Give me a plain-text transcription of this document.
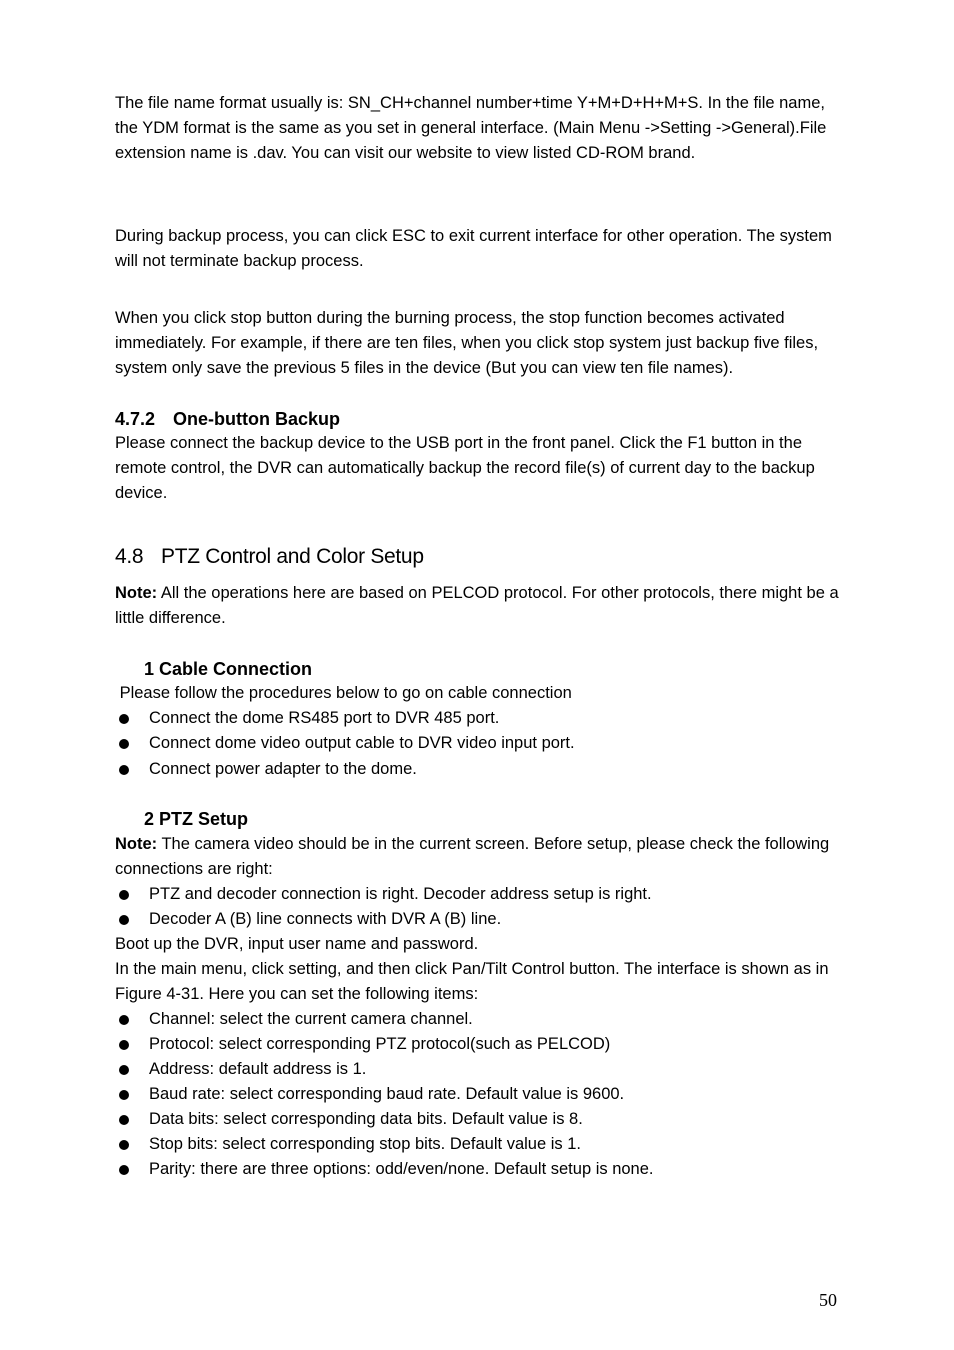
The file name format usually is: SN_CH+channel number+time Y+M+D+H+M+S. In the file name, the YDM format is the same as you set in general interface. (Main Menu ->Setting ->General).File extension name is .dav. You can visit our website to view listed CD-ROM brand.

During backup process, you can click ESC to exit current interface for other operation. The system will not terminate backup process.

When you click stop button during the burning process, the stop function becomes activated immediately. For example, if there are ten files, when you click stop system just backup five files, system only save the previous 5 files in the device (But you can view ten file names).

4.7.2 One-button Backup

Please connect the backup device to the USB port in the front panel. Click the F1 button in the remote control, the DVR can automatically backup the record file(s) of current day to the backup device.

4.8 PTZ Control and Color Setup

Note: All the operations here are based on PELCOD protocol. For other protocols, there might be a little difference.

1 Cable Connection

Please follow the procedures below to go on cable connection

Connect the dome RS485 port to DVR 485 port.
Connect dome video output cable to DVR video input port.
Connect power adapter to the dome.
2 PTZ Setup

Note: The camera video should be in the current screen. Before setup, please check the following connections are right:

PTZ and decoder connection is right. Decoder address setup is right.
Decoder A (B) line connects with DVR A (B) line.

Boot up the DVR, input user name and password.

In the main menu, click setting, and then click Pan/Tilt Control button. The interface is shown as in Figure 4-31. Here you can set the following items:

Channel: select the current camera channel.
Protocol: select corresponding PTZ protocol(such as PELCOD)
Address: default address is 1.
Baud rate: select corresponding baud rate. Default value is 9600.
Data bits: select corresponding data bits. Default value is 8.
Stop bits: select corresponding stop bits. Default value is 1.
Parity: there are three options: odd/even/none. Default setup is none.
50
